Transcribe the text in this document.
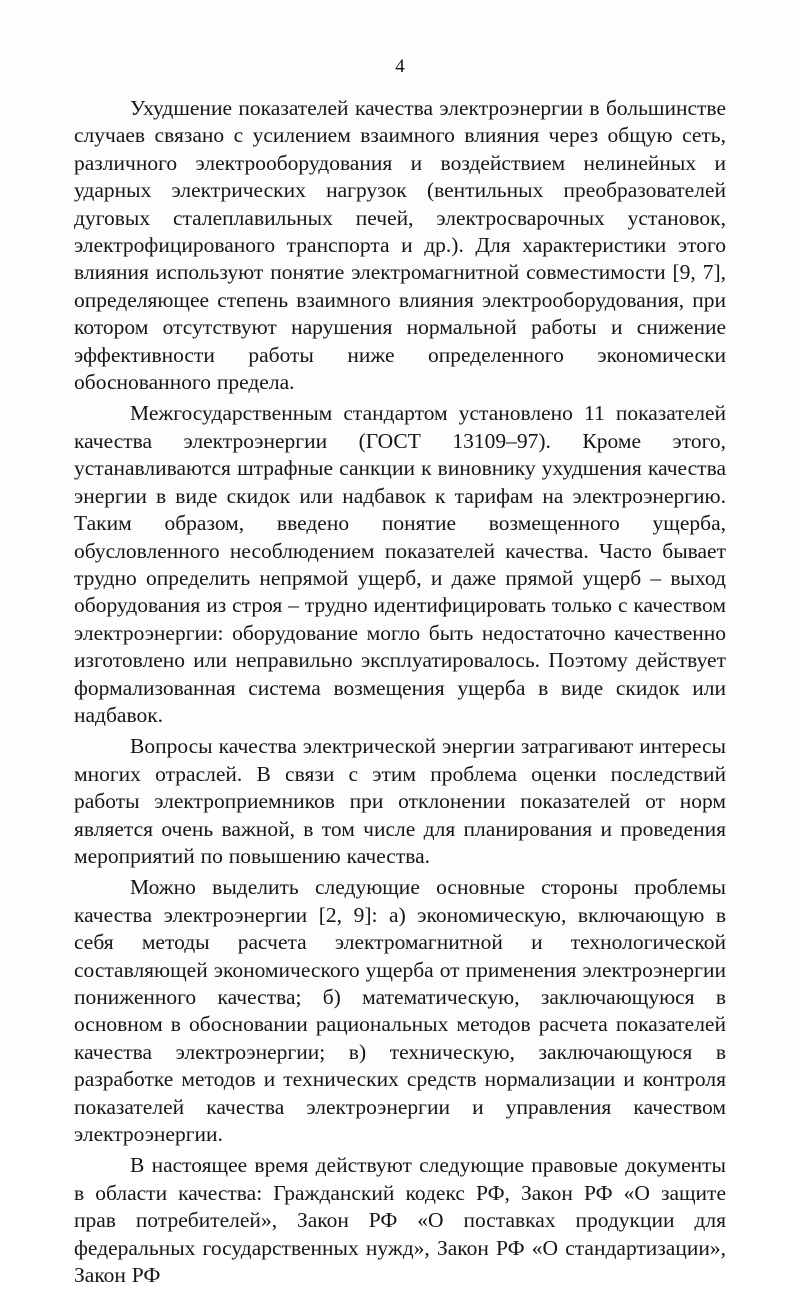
4

Ухудшение показателей качества электроэнергии в большинстве случаев связано с усилением взаимного влияния через общую сеть, различного электрооборудования и воздействием нелинейных и ударных электрических нагрузок (вентильных преобразователей дуговых сталеплавильных печей, электросварочных установок, электрофицированого транспорта и др.). Для характеристики этого влияния используют понятие электромагнитной совместимости [9, 7], определяющее степень взаимного влияния электрооборудования, при котором отсутствуют нарушения нормальной работы и снижение эффективности работы ниже определенного экономически обоснованного предела.

Межгосударственным стандартом установлено 11 показателей качества электроэнергии (ГОСТ 13109–97). Кроме этого, устанавливаются штрафные санкции к виновнику ухудшения качества энергии в виде скидок или надбавок к тарифам на электроэнергию. Таким образом, введено понятие возмещенного ущерба, обусловленного несоблюдением показателей качества. Часто бывает трудно определить непрямой ущерб, и даже прямой ущерб – выход оборудования из строя – трудно идентифицировать только с качеством электроэнергии: оборудование могло быть недостаточно качественно изготовлено или неправильно эксплуатировалось. Поэтому действует формализованная система возмещения ущерба в виде скидок или надбавок.

Вопросы качества электрической энергии затрагивают интересы многих отраслей. В связи с этим проблема оценки последствий работы электроприемников при отклонении показателей от норм является очень важной, в том числе для планирования и проведения мероприятий по повышению качества.

Можно выделить следующие основные стороны проблемы качества электроэнергии [2, 9]: а) экономическую, включающую в себя методы расчета электромагнитной и технологической составляющей экономического ущерба от применения электроэнергии пониженного качества; б) математическую, заключающуюся в основном в обосновании рациональных методов расчета показателей качества электроэнергии; в) техническую, заключающуюся в разработке методов и технических средств нормализации и контроля показателей качества электроэнергии и управления качеством электроэнергии.

В настоящее время действуют следующие правовые документы в области качества: Гражданский кодекс РФ, Закон РФ «О защите прав потребителей», Закон РФ «О поставках продукции для федеральных государственных нужд», Закон РФ «О стандартизации», Закон РФ
